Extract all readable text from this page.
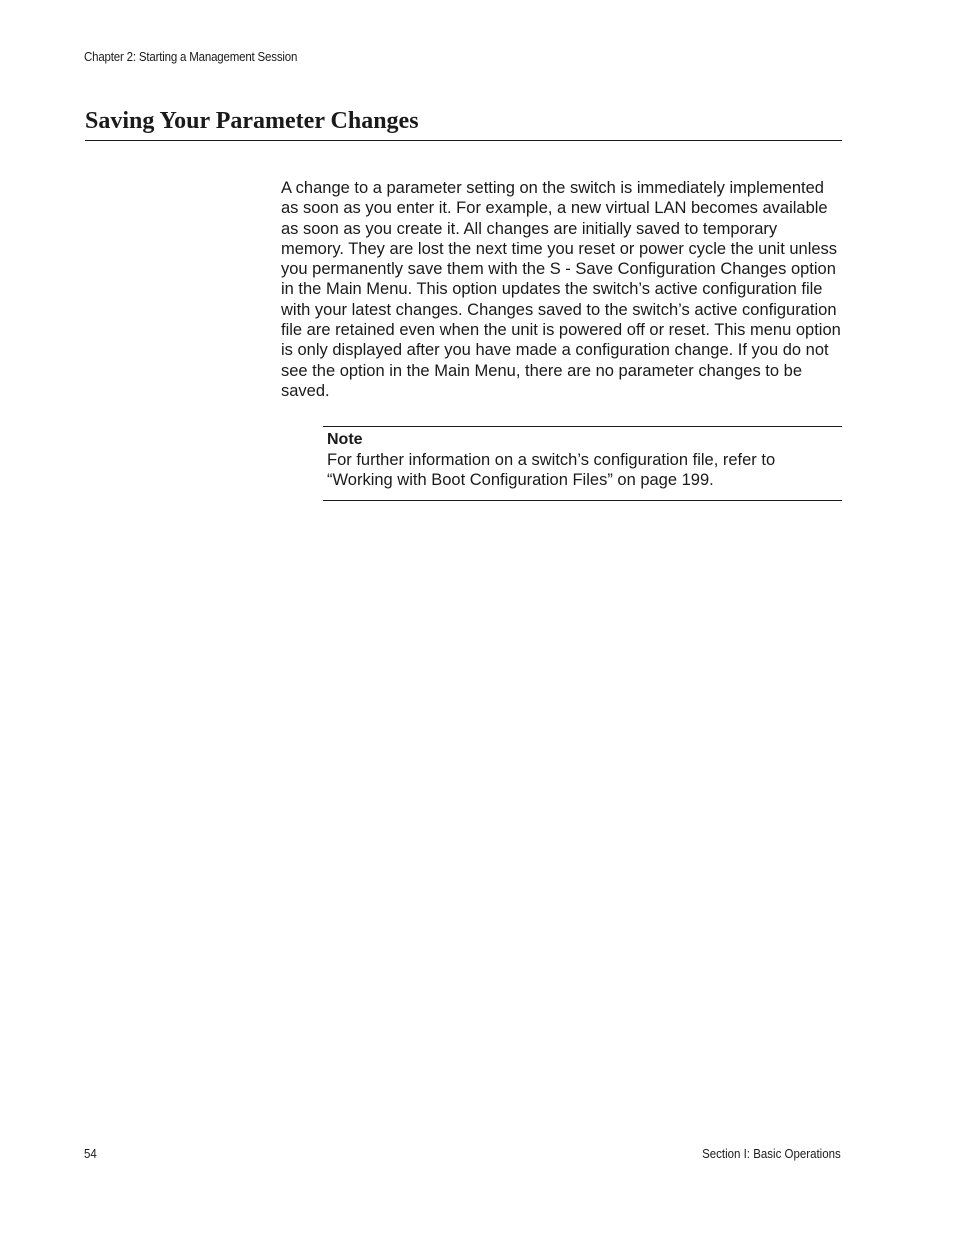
Chapter 2: Starting a Management Session
Saving Your Parameter Changes

A change to a parameter setting on the switch is immediately implemented as soon as you enter it. For example, a new virtual LAN becomes available as soon as you create it. All changes are initially saved to temporary memory. They are lost the next time you reset or power cycle the unit unless you permanently save them with the S - Save Configuration Changes option in the Main Menu. This option updates the switch’s active configuration file with your latest changes. Changes saved to the switch’s active configuration file are retained even when the unit is powered off or reset. This menu option is only displayed after you have made a configuration change. If you do not see the option in the Main Menu, there are no parameter changes to be saved.

Note
For further information on a switch’s configuration file, refer to “Working with Boot Configuration Files” on page 199.
54	Section I: Basic Operations
